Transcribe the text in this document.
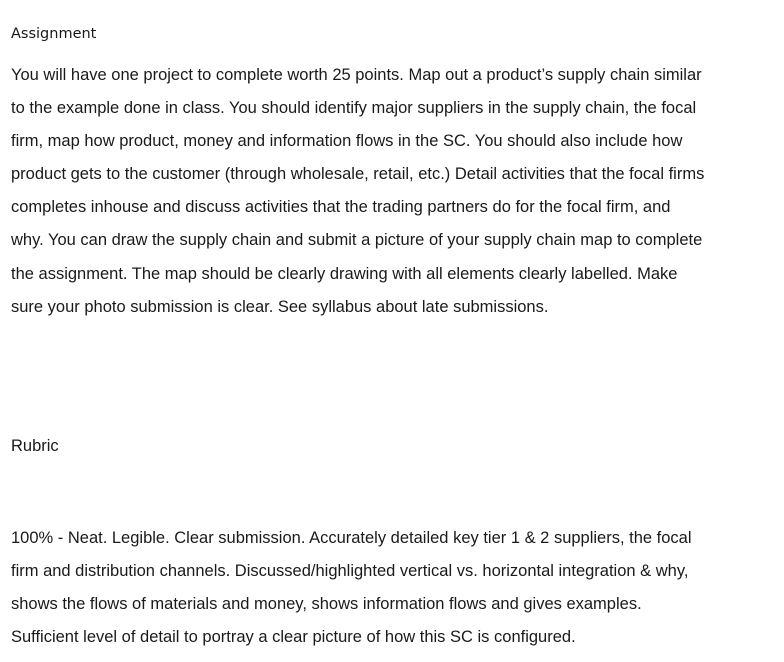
Assignment

You will have one project to complete worth 25 points. Map out a product’s supply chain similar
to the example done in class. You should identify major suppliers in the supply chain, the focal
firm, map how product, money and information flows in the SC. You should also include how
product gets to the customer (through wholesale, retail, etc.) Detail activities that the focal firms
completes inhouse and discuss activities that the trading partners do for the focal firm, and
why. You can draw the supply chain and submit a picture of your supply chain map to complete
the assignment. The map should be clearly drawing with all elements clearly labelled. Make
sure your photo submission is clear. See syllabus about late submissions.

Rubric

100% - Neat. Legible. Clear submission. Accurately detailed key tier 1 & 2 suppliers, the focal
firm and distribution channels. Discussed/highlighted vertical vs. horizontal integration & why,
shows the flows of materials and money, shows information flows and gives examples.
Sufficient level of detail to portray a clear picture of how this SC is configured.
